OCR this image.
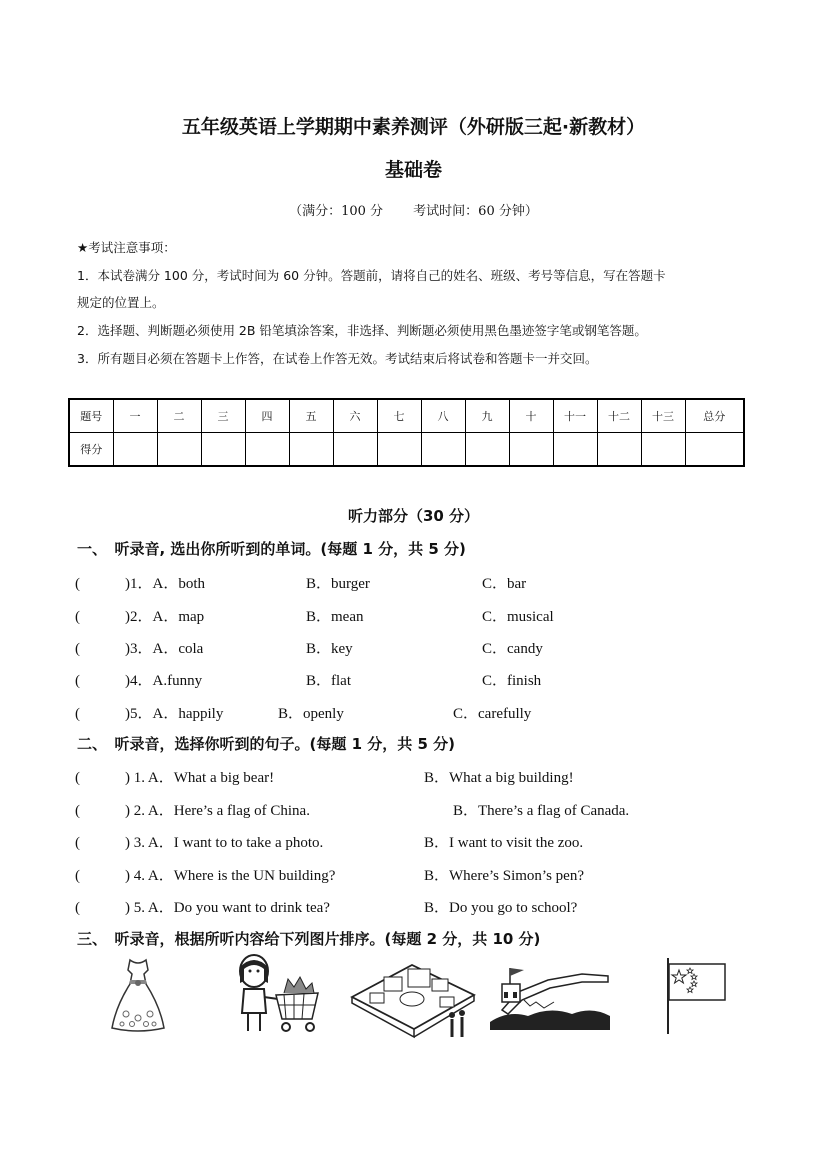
五年级英语上学期期中素养测评（外研版三起·新教材）
基础卷
（满分：100 分　　 考试时间：60 分钟）
★考试注意事项：
1．本试卷满分 100 分，考试时间为 60 分钟。答题前，请将自己的姓名、班级、考号等信息，写在答题卡
规定的位置上。
2．选择题、判断题必须使用 2B 铅笔填涂答案，非选择、判断题必须使用黑色墨迹签字笔或钢笔答题。
3．所有题目必须在答题卡上作答，在试卷上作答无效。考试结束后将试卷和答题卡一并交回。
题号	一	二	三	四	五	六	七	八	九	十	十一	十二	十三	总分
得分														
听力部分（30 分）
一、　听录音, 选出你所听到的单词。(每题 1 分，共 5 分)
(　　　)1．A．both	B．burger	C．bar
(　　　)2．A．map	B．mean	C．musical
(　　　)3．A．cola	B．key	C．candy
(　　　)4．A.funny	B．flat	C．finish
(　　　)5．A．happily	B．openly	C．carefully
二、　听录音，选择你听到的句子。(每题 1 分，共 5 分)
(　　　) 1. A．What a big bear!	B．What a big building!
(　　　) 2. A．Here’s a flag of China.	B．There’s a flag of Canada.
(　　　) 3. A．I want to to take a photo.	B．I want to visit the zoo.
(　　　) 4. A．Where is the UN building?	B．Where’s Simon’s pen?
(　　　) 5. A．Do you want to drink tea?	B．Do you go to school?
三、　听录音，根据所听内容给下列图片排序。(每题 2 分，共 10 分)
